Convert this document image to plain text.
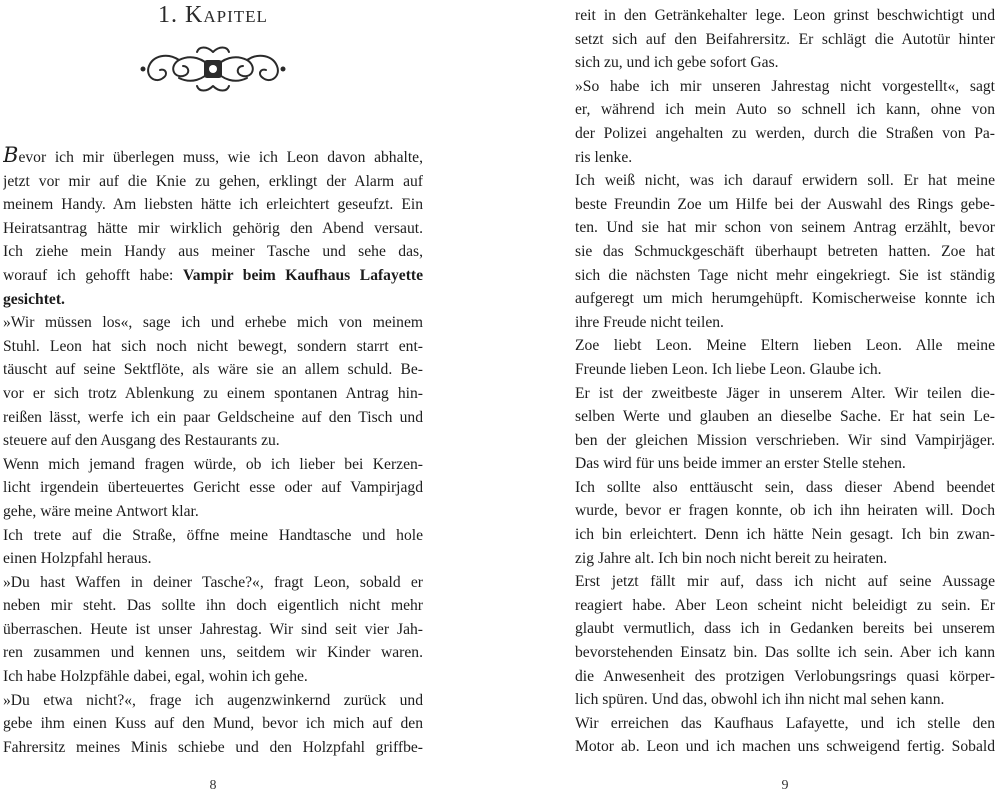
1. Kapitel
Bevor ich mir überlegen muss, wie ich Leon davon abhalte,
jetzt vor mir auf die Knie zu gehen, erklingt der Alarm auf
meinem Handy. Am liebsten hätte ich erleichtert geseufzt. Ein
Heiratsantrag hätte mir wirklich gehörig den Abend versaut.
Ich ziehe mein Handy aus meiner Tasche und sehe das,
worauf ich gehofft habe: Vampir beim Kaufhaus Lafayette
gesichtet.
»Wir müssen los«, sage ich und erhebe mich von meinem
Stuhl. Leon hat sich noch nicht bewegt, sondern starrt ent-
täuscht auf seine Sektflöte, als wäre sie an allem schuld. Be-
vor er sich trotz Ablenkung zu einem spontanen Antrag hin-
reißen lässt, werfe ich ein paar Geldscheine auf den Tisch und
steuere auf den Ausgang des Restaurants zu.
Wenn mich jemand fragen würde, ob ich lieber bei Kerzen-
licht irgendein überteuertes Gericht esse oder auf Vampirjagd
gehe, wäre meine Antwort klar.
Ich trete auf die Straße, öffne meine Handtasche und hole
einen Holzpfahl heraus.
»Du hast Waffen in deiner Tasche?«, fragt Leon, sobald er
neben mir steht. Das sollte ihn doch eigentlich nicht mehr
überraschen. Heute ist unser Jahrestag. Wir sind seit vier Jah-
ren zusammen und kennen uns, seitdem wir Kinder waren.
Ich habe Holzpfähle dabei, egal, wohin ich gehe.
»Du etwa nicht?«, frage ich augenzwinkernd zurück und
gebe ihm einen Kuss auf den Mund, bevor ich mich auf den
Fahrersitz meines Minis schiebe und den Holzpfahl griffbe-
8
reit in den Getränkehalter lege. Leon grinst beschwichtigt und
setzt sich auf den Beifahrersitz. Er schlägt die Autotür hinter
sich zu, und ich gebe sofort Gas.
»So habe ich mir unseren Jahrestag nicht vorgestellt«, sagt
er, während ich mein Auto so schnell ich kann, ohne von
der Polizei angehalten zu werden, durch die Straßen von Pa-
ris lenke.
Ich weiß nicht, was ich darauf erwidern soll. Er hat meine
beste Freundin Zoe um Hilfe bei der Auswahl des Rings gebe-
ten. Und sie hat mir schon von seinem Antrag erzählt, bevor
sie das Schmuckgeschäft überhaupt betreten hatten. Zoe hat
sich die nächsten Tage nicht mehr eingekriegt. Sie ist ständig
aufgeregt um mich herumgehüpft. Komischerweise konnte ich
ihre Freude nicht teilen.
Zoe liebt Leon. Meine Eltern lieben Leon. Alle meine
Freunde lieben Leon. Ich liebe Leon. Glaube ich.
Er ist der zweitbeste Jäger in unserem Alter. Wir teilen die-
selben Werte und glauben an dieselbe Sache. Er hat sein Le-
ben der gleichen Mission verschrieben. Wir sind Vampirjäger.
Das wird für uns beide immer an erster Stelle stehen.
Ich sollte also enttäuscht sein, dass dieser Abend beendet
wurde, bevor er fragen konnte, ob ich ihn heiraten will. Doch
ich bin erleichtert. Denn ich hätte Nein gesagt. Ich bin zwan-
zig Jahre alt. Ich bin noch nicht bereit zu heiraten.
Erst jetzt fällt mir auf, dass ich nicht auf seine Aussage
reagiert habe. Aber Leon scheint nicht beleidigt zu sein. Er
glaubt vermutlich, dass ich in Gedanken bereits bei unserem
bevorstehenden Einsatz bin. Das sollte ich sein. Aber ich kann
die Anwesenheit des protzigen Verlobungsrings quasi körper-
lich spüren. Und das, obwohl ich ihn nicht mal sehen kann.
Wir erreichen das Kaufhaus Lafayette, und ich stelle den
Motor ab. Leon und ich machen uns schweigend fertig. Sobald
9
